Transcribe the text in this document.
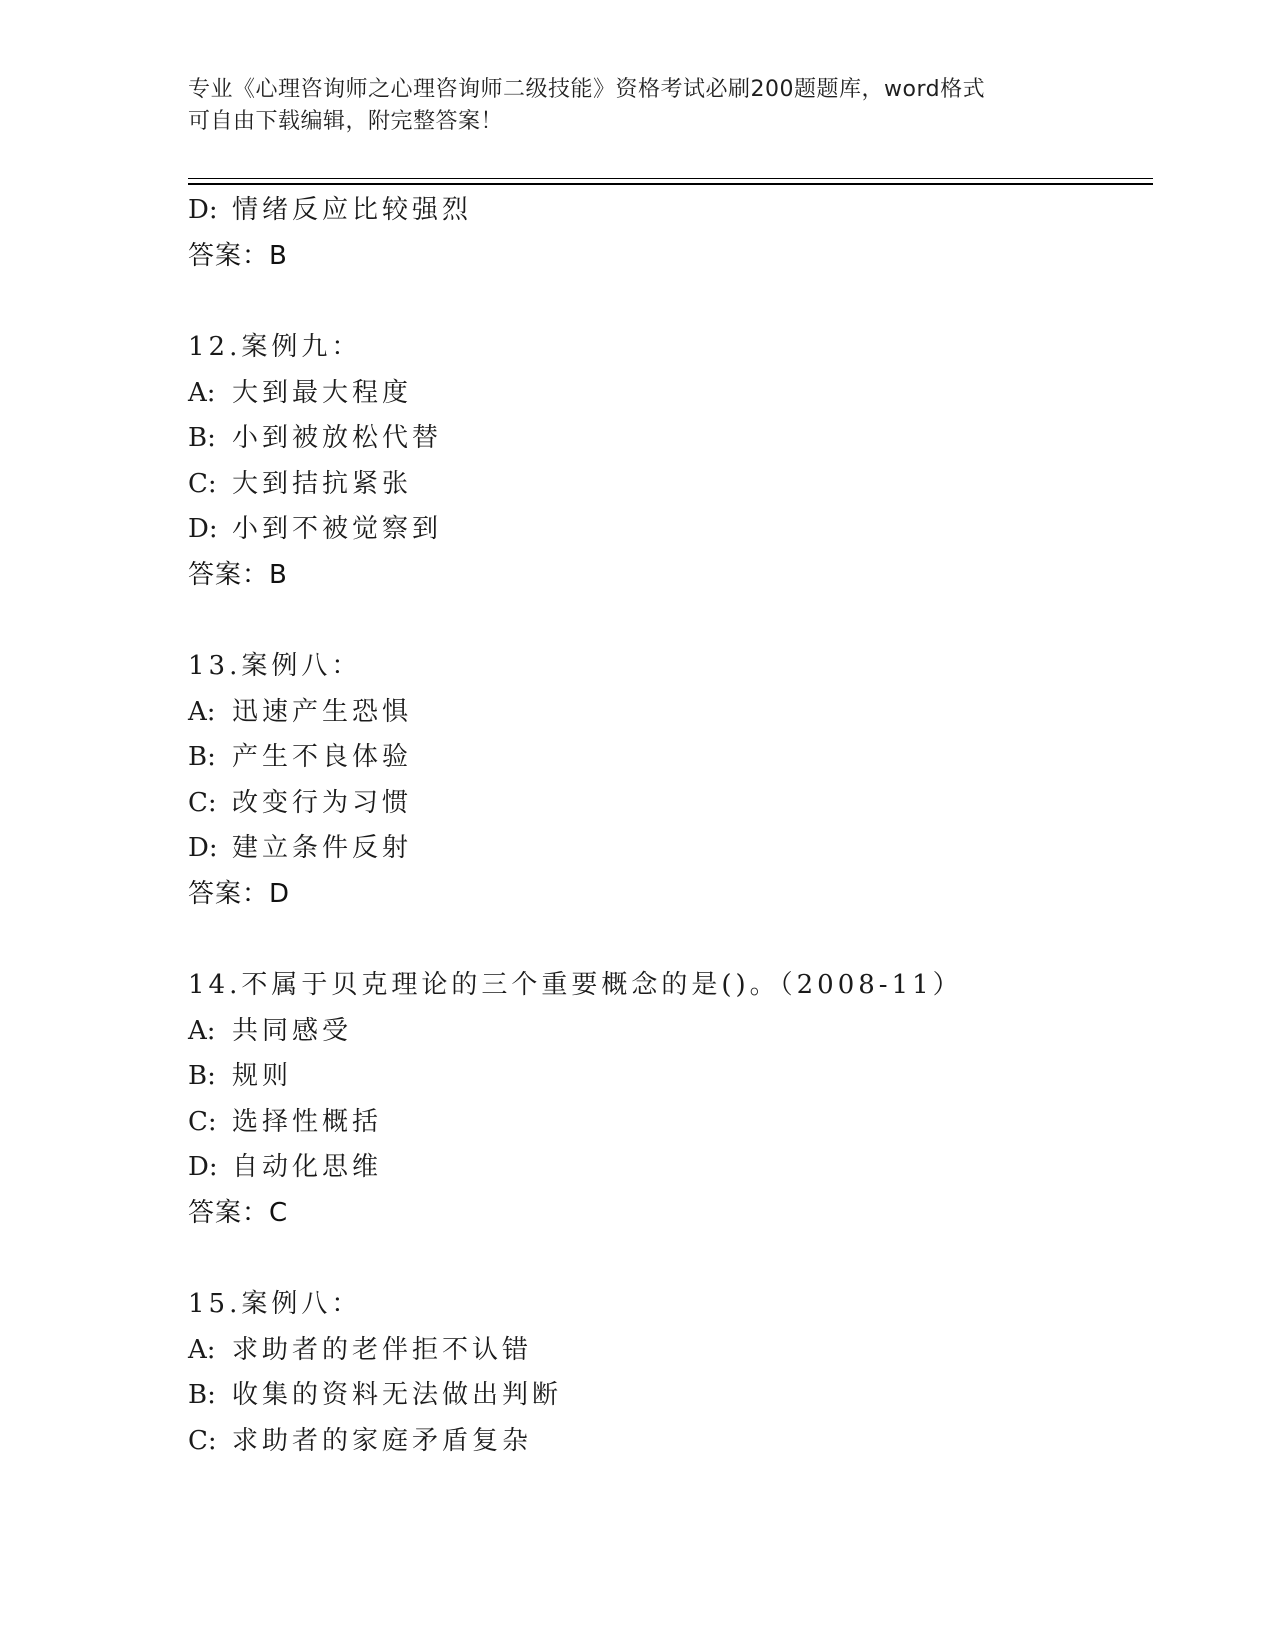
专业《心理咨询师之心理咨询师二级技能》资格考试必刷200题题库，word格式
可自由下载编辑，附完整答案！
D: 情绪反应比较强烈
答案：B
12.案例九：
A: 大到最大程度
B: 小到被放松代替
C: 大到拮抗紧张
D: 小到不被觉察到
答案：B
13.案例八：
A: 迅速产生恐惧
B: 产生不良体验
C: 改变行为习惯
D: 建立条件反射
答案：D
14.不属于贝克理论的三个重要概念的是()。（2008-11）
A: 共同感受
B: 规则
C: 选择性概括
D: 自动化思维
答案：C
15.案例八：
A: 求助者的老伴拒不认错
B: 收集的资料无法做出判断
C: 求助者的家庭矛盾复杂
